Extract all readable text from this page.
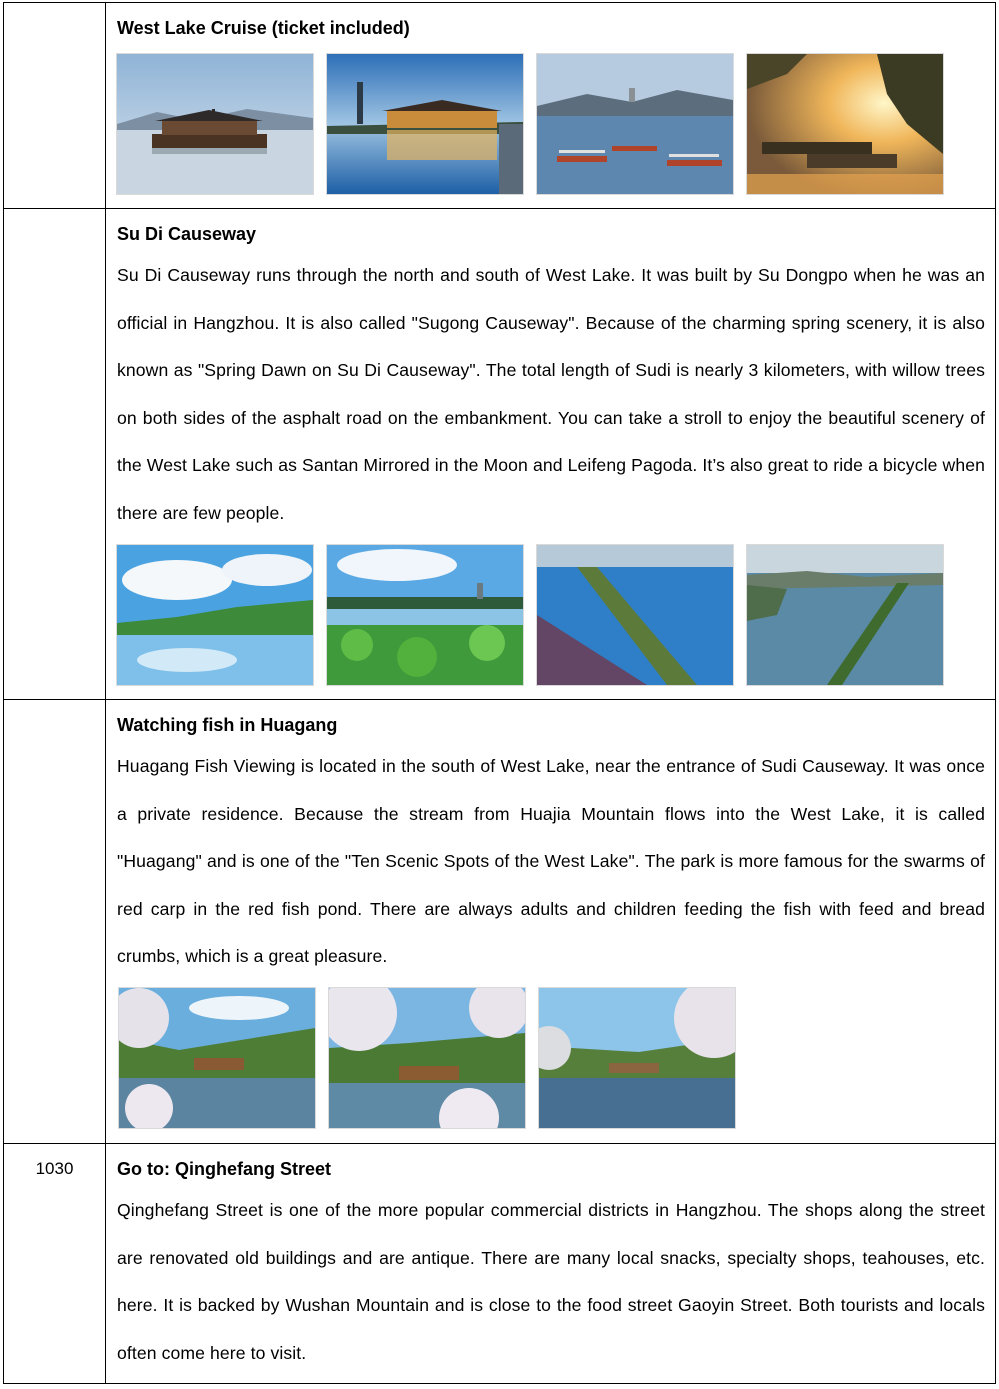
	West Lake Cruise (ticket included)

	Su Di Causeway
Su Di Causeway runs through the north and south of West Lake. It was built by Su Dongpo when he was an official in Hangzhou. It is also called "Sugong Causeway". Because of the charming spring scenery, it is also known as "Spring Dawn on Su Di Causeway". The total length of Sudi is nearly 3 kilometers, with willow trees on both sides of the asphalt road on the embankment. You can take a stroll to enjoy the beautiful scenery of the West Lake such as Santan Mirrored in the Moon and Leifeng Pagoda. It’s also great to ride a bicycle when there are few people.

	Watching fish in Huagang
Huagang Fish Viewing is located in the south of West Lake, near the entrance of Sudi Causeway. It was once a private residence. Because the stream from Huajia Mountain flows into the West Lake, it is called "Huagang" and is one of the "Ten Scenic Spots of the West Lake". The park is more famous for the swarms of red carp in the red fish pond. There are always adults and children feeding the fish with feed and bread crumbs, which is a great pleasure.

1030	Go to: Qinghefang Street
Qinghefang Street is one of the more popular commercial districts in Hangzhou. The shops along the street are renovated old buildings and are antique. There are many local snacks, specialty shops, teahouses, etc. here. It is backed by Wushan Mountain and is close to the food street Gaoyin Street. Both tourists and locals often come here to visit.
